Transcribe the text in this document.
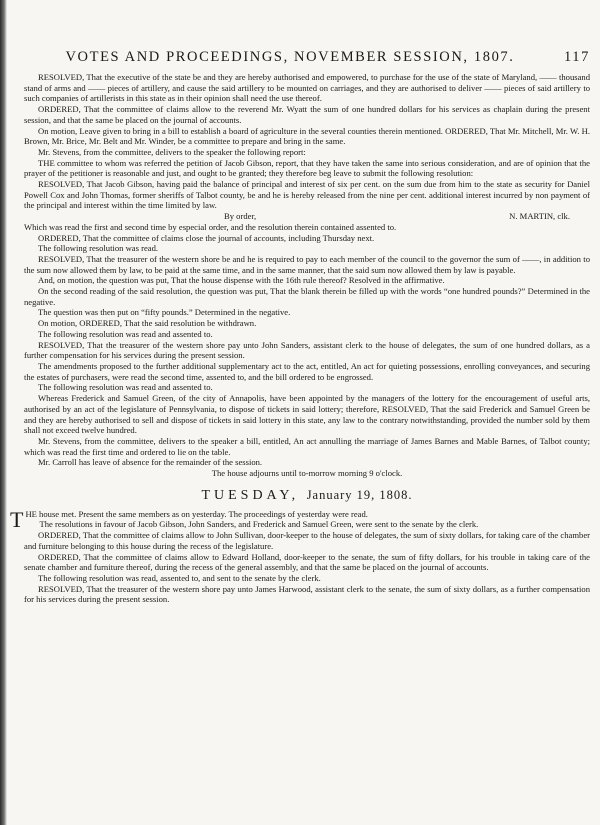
VOTES AND PROCEEDINGS, NOVEMBER SESSION, 1807.	117

RESOLVED, That the executive of the state be and they are hereby authorised and empowered, to purchase for the use of the state of Maryland, —— thousand stand of arms and —— pieces of artillery, and cause the said artillery to be mounted on carriages, and they are authorised to deliver —— pieces of said artillery to such companies of artillerists in this state as in their opinion shall need the use thereof.

ORDERED, That the committee of claims allow to the reverend Mr. Wyatt the sum of one hundred dollars for his services as chaplain during the present session, and that the same be placed on the journal of accounts.

On motion, Leave given to bring in a bill to establish a board of agriculture in the several counties therein mentioned. ORDERED, That Mr. Mitchell, Mr. W. H. Brown, Mr. Brice, Mr. Belt and Mr. Winder, be a committee to prepare and bring in the same.

Mr. Stevens, from the committee, delivers to the speaker the following report:

THE committee to whom was referred the petition of Jacob Gibson, report, that they have taken the same into serious consideration, and are of opinion that the prayer of the petitioner is reasonable and just, and ought to be granted; they therefore beg leave to submit the following resolution:

RESOLVED, That Jacob Gibson, having paid the balance of principal and interest of six per cent. on the sum due from him to the state as security for Daniel Powell Cox and John Thomas, former sheriffs of Talbot county, be and he is hereby released from the nine per cent. additional interest incurred by non payment of the principal and interest within the time limited by law.

By order,	N. MARTIN, clk.

Which was read the first and second time by especial order, and the resolution therein contained assented to.

ORDERED, That the committee of claims close the journal of accounts, including Thursday next.

The following resolution was read.

RESOLVED, That the treasurer of the western shore be and he is required to pay to each member of the council to the governor the sum of ——, in addition to the sum now allowed them by law, to be paid at the same time, and in the same manner, that the said sum now allowed them by law is payable.

And, on motion, the question was put, That the house dispense with the 16th rule thereof? Resolved in the affirmative.

On the second reading of the said resolution, the question was put, That the blank therein be filled up with the words “one hundred pounds?” Determined in the negative.

The question was then put on “fifty pounds.” Determined in the negative.

On motion, ORDERED, That the said resolution be withdrawn.

The following resolution was read and assented to.

RESOLVED, That the treasurer of the western shore pay unto John Sanders, assistant clerk to the house of delegates, the sum of one hundred dollars, as a further compensation for his services during the present session.

The amendments proposed to the further additional supplementary act to the act, entitled, An act for quieting possessions, enrolling conveyances, and securing the estates of purchasers, were read the second time, assented to, and the bill ordered to be engrossed.

The following resolution was read and assented to.

Whereas Frederick and Samuel Green, of the city of Annapolis, have been appointed by the managers of the lottery for the encouragement of useful arts, authorised by an act of the legislature of Pennsylvania, to dispose of tickets in said lottery; therefore, RESOLVED, That the said Frederick and Samuel Green be and they are hereby authorised to sell and dispose of tickets in said lottery in this state, any law to the contrary notwithstanding, provided the number sold by them shall not exceed twelve hundred.

Mr. Stevens, from the committee, delivers to the speaker a bill, entitled, An act annulling the marriage of James Barnes and Mable Barnes, of Talbot county; which was read the first time and ordered to lie on the table.

Mr. Carroll has leave of absence for the remainder of the session.

The house adjourns until to-morrow morning 9 o'clock.

TUESDAY, January 19, 1808.

THE house met. Present the same members as on yesterday. The proceedings of yesterday were read.

The resolutions in favour of Jacob Gibson, John Sanders, and Frederick and Samuel Green, were sent to the senate by the clerk.

ORDERED, That the committee of claims allow to John Sullivan, door-keeper to the house of delegates, the sum of sixty dollars, for taking care of the chamber and furniture belonging to this house during the recess of the legislature.

ORDERED, That the committee of claims allow to Edward Holland, door-keeper to the senate, the sum of fifty dollars, for his trouble in taking care of the senate chamber and furniture thereof, during the recess of the general assembly, and that the same be placed on the journal of accounts.

The following resolution was read, assented to, and sent to the senate by the clerk.

RESOLVED, That the treasurer of the western shore pay unto James Harwood, assistant clerk to the senate, the sum of sixty dollars, as a further compensation for his services during the present session.
